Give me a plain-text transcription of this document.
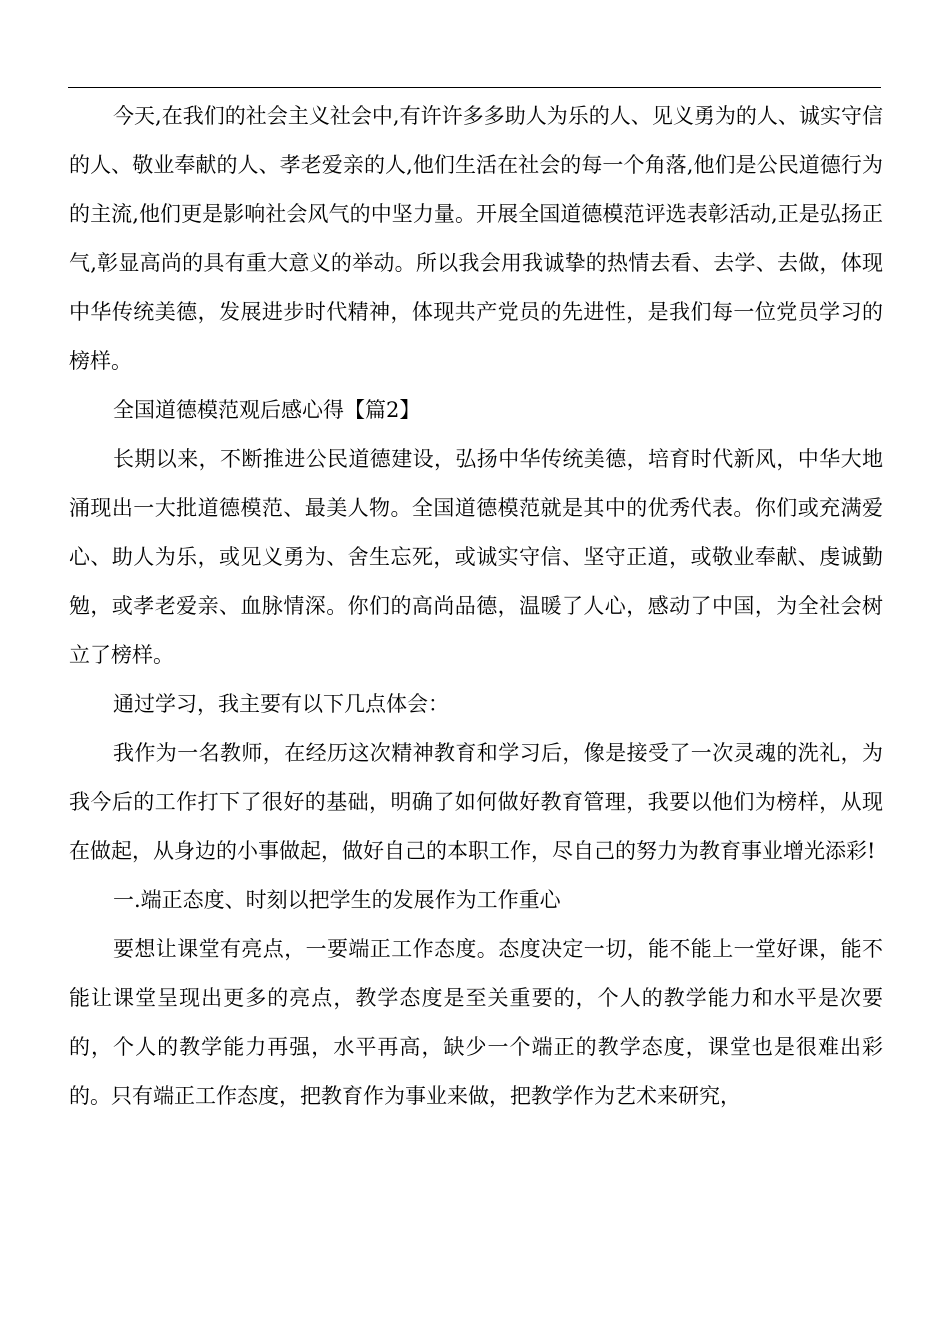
今天,在我们的社会主义社会中,有许许多多助人为乐的人、见义勇为的人、诚实守信的人、敬业奉献的人、孝老爱亲的人,他们生活在社会的每一个角落,他们是公民道德行为的主流,他们更是影响社会风气的中坚力量。开展全国道德模范评选表彰活动,正是弘扬正气,彰显高尚的具有重大意义的举动。所以我会用我诚挚的热情去看、去学、去做，体现中华传统美德，发展进步时代精神，体现共产党员的先进性，是我们每一位党员学习的榜样。

全国道德模范观后感心得【篇2】

长期以来，不断推进公民道德建设，弘扬中华传统美德，培育时代新风，中华大地涌现出一大批道德模范、最美人物。全国道德模范就是其中的优秀代表。你们或充满爱心、助人为乐，或见义勇为、舍生忘死，或诚实守信、坚守正道，或敬业奉献、虔诚勤勉，或孝老爱亲、血脉情深。你们的高尚品德，温暖了人心，感动了中国，为全社会树立了榜样。

通过学习，我主要有以下几点体会：

我作为一名教师，在经历这次精神教育和学习后，像是接受了一次灵魂的洗礼，为我今后的工作打下了很好的基础，明确了如何做好教育管理，我要以他们为榜样，从现在做起，从身边的小事做起，做好自己的本职工作，尽自己的努力为教育事业增光添彩!

一.端正态度、时刻以把学生的发展作为工作重心

要想让课堂有亮点，一要端正工作态度。态度决定一切，能不能上一堂好课，能不能让课堂呈现出更多的亮点，教学态度是至关重要的，个人的教学能力和水平是次要的，个人的教学能力再强，水平再高，缺少一个端正的教学态度，课堂也是很难出彩的。只有端正工作态度，把教育作为事业来做，把教学作为艺术来研究，
